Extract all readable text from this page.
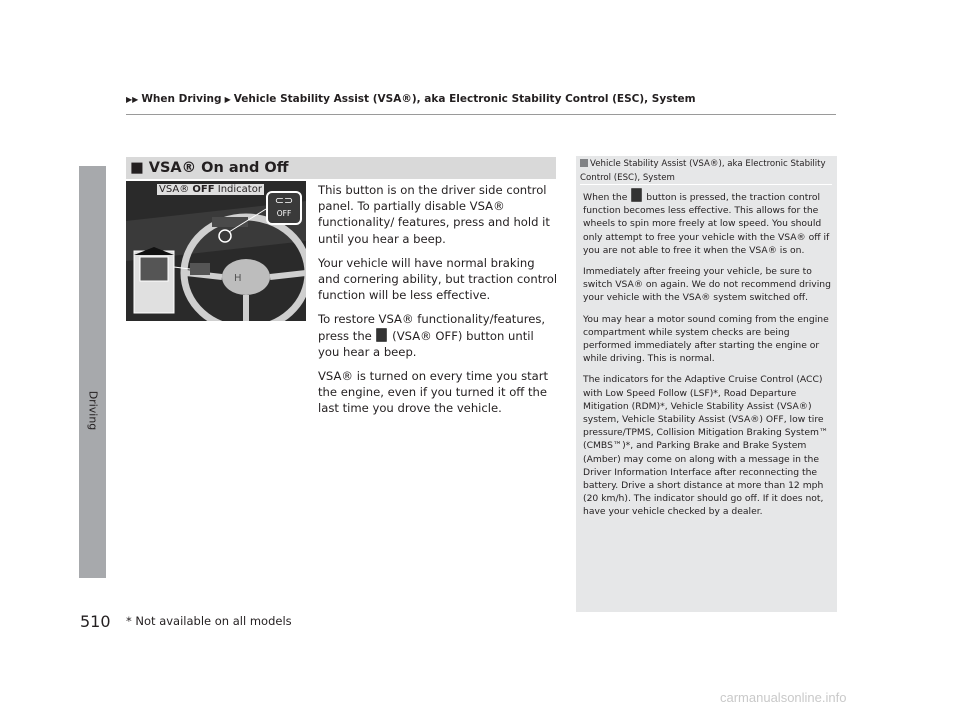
▶▶ When Driving ▶ Vehicle Stability Assist (VSA®), aka Electronic Stability Control (ESC), System
Driving
■ VSA® On and Off
H
⊂⊃
OFF
VSA® OFF Indicator	This button is on the driver side control panel. To partially disable VSA® functionality/ features, press and hold it until you hear a beep.

Your vehicle will have normal braking and cornering ability, but traction control function will be less effective.

To restore VSA® functionality/features, press the (VSA® OFF) button until you hear a beep.

VSA® is turned on every time you start the engine, even if you turned it off the last time you drove the vehicle.

Vehicle Stability Assist (VSA®), aka Electronic Stability Control (ESC), System

When the button is pressed, the traction control function becomes less effective. This allows for the wheels to spin more freely at low speed. You should only attempt to free your vehicle with the VSA® off if you are not able to free it when the VSA® is on.

Immediately after freeing your vehicle, be sure to switch VSA® on again. We do not recommend driving your vehicle with the VSA® system switched off.

You may hear a motor sound coming from the engine compartment while system checks are being performed immediately after starting the engine or while driving. This is normal.

The indicators for the Adaptive Cruise Control (ACC) with Low Speed Follow (LSF)*, Road Departure Mitigation (RDM)*, Vehicle Stability Assist (VSA®) system, Vehicle Stability Assist (VSA®) OFF, low tire pressure/TPMS, Collision Mitigation Braking System™ (CMBS™)*, and Parking Brake and Brake System (Amber) may come on along with a message in the Driver Information Interface after reconnecting the battery. Drive a short distance at more than 12 mph (20 km/h). The indicator should go off. If it does not, have your vehicle checked by a dealer.

510 * Not available on all models
carmanualsonline.info
